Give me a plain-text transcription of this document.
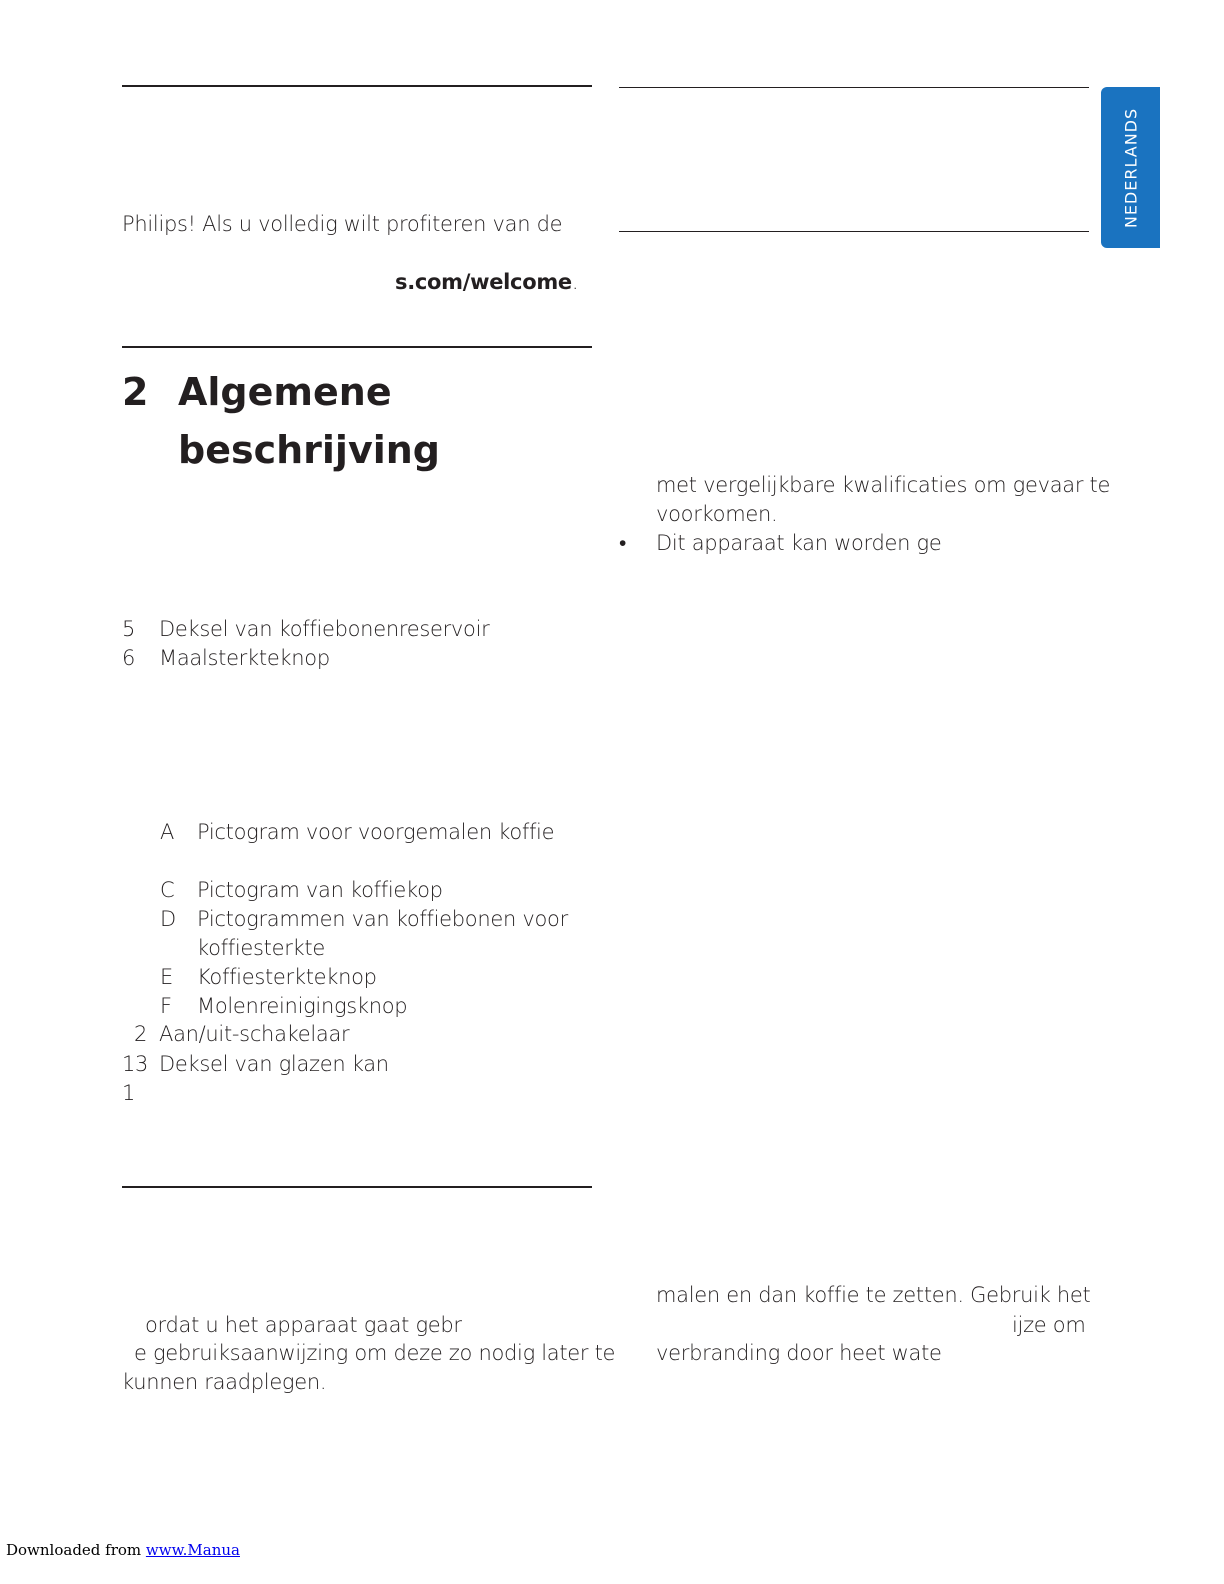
NEDERLANDS
Philips! Als u volledig wilt profiteren van de
s.com/welcome.
2 Algemene
beschrijving
5 Deksel van koffiebonenreservoir
6 Maalsterkteknop
A Pictogram voor voorgemalen koffie
C Pictogram van koffiekop
D Pictogrammen van koffiebonen voor
koffiesterkte
E Koffiesterkteknop
F Molenreinigingsknop
2 Aan/uit-schakelaar
13 Deksel van glazen kan
1
ordat u het apparaat gaat gebr
e gebruiksaanwijzing om deze zo nodig later te
kunnen raadplegen.
met vergelijkbare kwalificaties om gevaar te
voorkomen.
• Dit apparaat kan worden ge
malen en dan koffie te zetten. Gebruik het
ijze om
verbranding door heet wate
Downloaded from www.Manua
